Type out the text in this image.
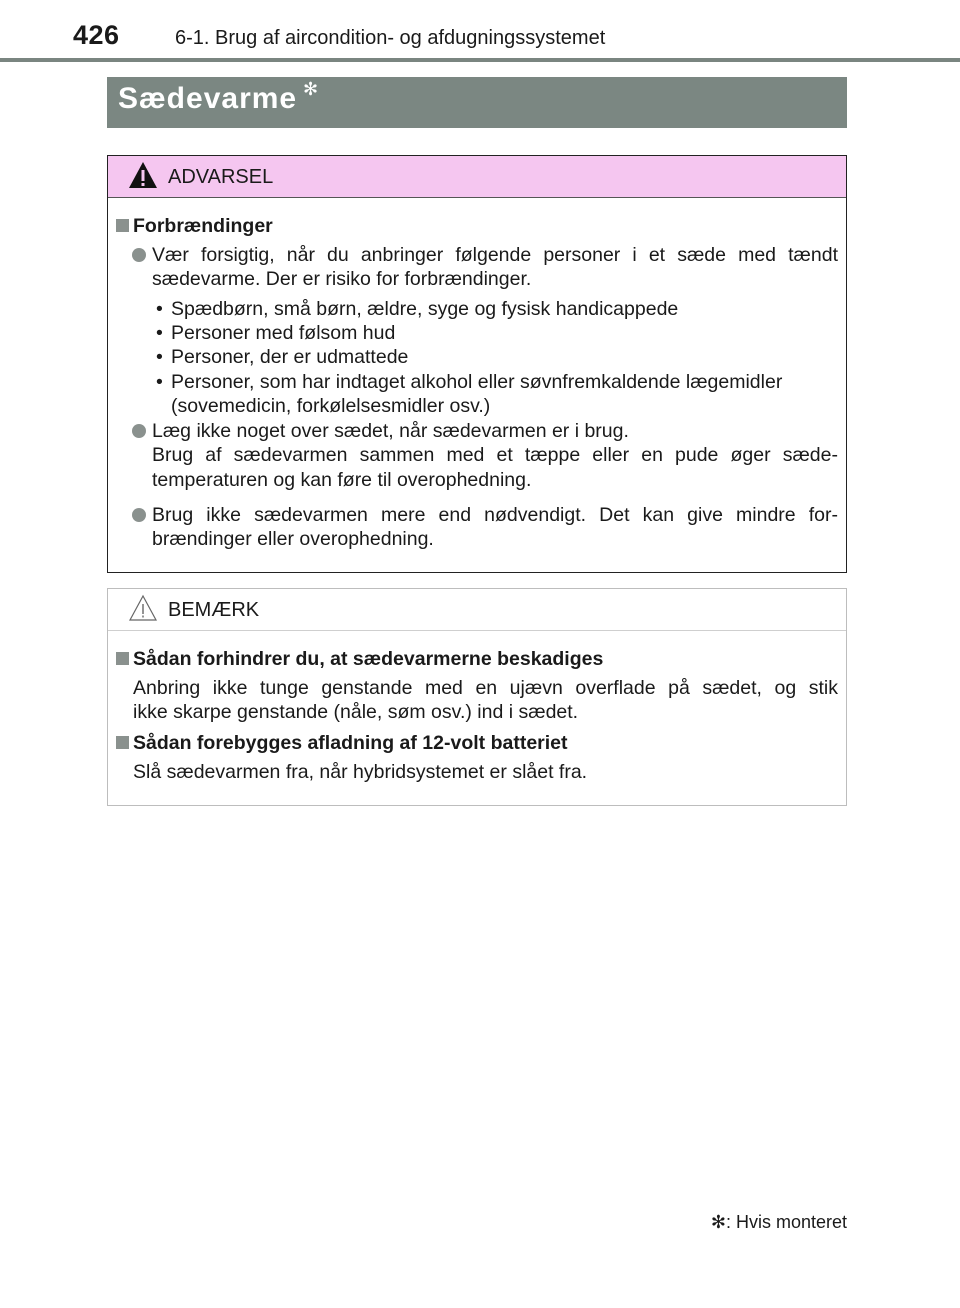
426	6-1. Brug af aircondition- og afdugningssystemet
Sædevarme ✻
ADVARSEL
Forbrændinger
Vær forsigtig, når du anbringer følgende personer i et sæde med tændt
sædevarme. Der er risiko for forbrændinger.
• Spædbørn, små børn, ældre, syge og fysisk handicappede
• Personer med følsom hud
• Personer, der er udmattede
• Personer, som har indtaget alkohol eller søvnfremkaldende lægemidler
(sovemedicin, forkølelsesmidler osv.)
Læg ikke noget over sædet, når sædevarmen er i brug.
Brug af sædevarmen sammen med et tæppe eller en pude øger sæde-
temperaturen og kan føre til overophedning.
Brug ikke sædevarmen mere end nødvendigt. Det kan give mindre for-
brændinger eller overophedning.
BEMÆRK
Sådan forhindrer du, at sædevarmerne beskadiges
Anbring ikke tunge genstande med en ujævn overflade på sædet, og stik
ikke skarpe genstande (nåle, søm osv.) ind i sædet.
Sådan forebygges afladning af 12-volt batteriet
Slå sædevarmen fra, når hybridsystemet er slået fra.
✻: Hvis monteret
